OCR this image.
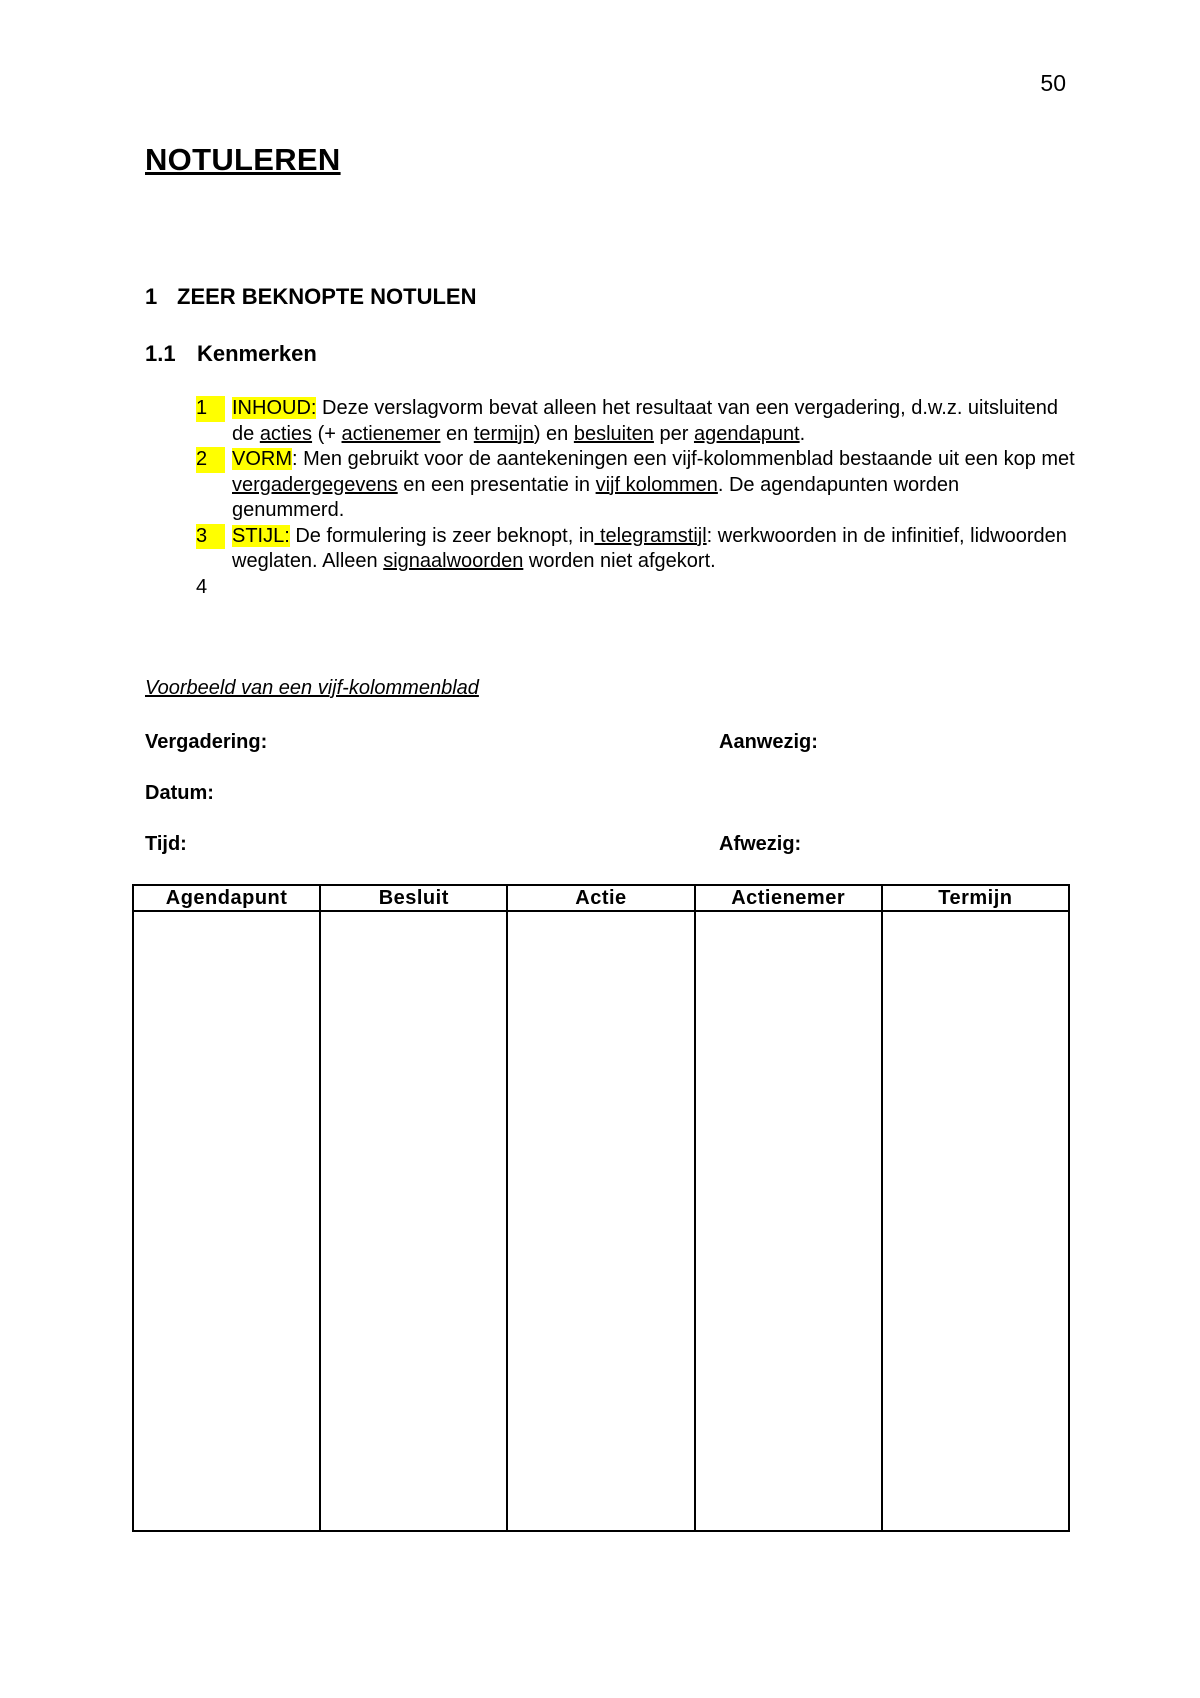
50
NOTULEREN
1 ZEER BEKNOPTE NOTULEN
1.1 Kenmerken
1	INHOUD: Deze verslagvorm bevat alleen het resultaat van een vergadering, d.w.z. uitsluitend de acties (+ actienemer en termijn) en besluiten per agendapunt.
2	VORM: Men gebruikt voor de aantekeningen een vijf-kolommenblad bestaande uit een kop met vergadergegevens en een presentatie in vijf kolommen. De agendapunten worden genummerd.
3	STIJL: De formulering is zeer beknopt, in telegramstijl: werkwoorden in de infinitief, lidwoorden weglaten. Alleen signaalwoorden worden niet afgekort.
4

Voorbeeld van een vijf-kolommenblad
Vergadering:	Aanwezig:
Datum:
Tijd:	Afwezig:
Agendapunt	Besluit	Actie	Actienemer	Termijn
